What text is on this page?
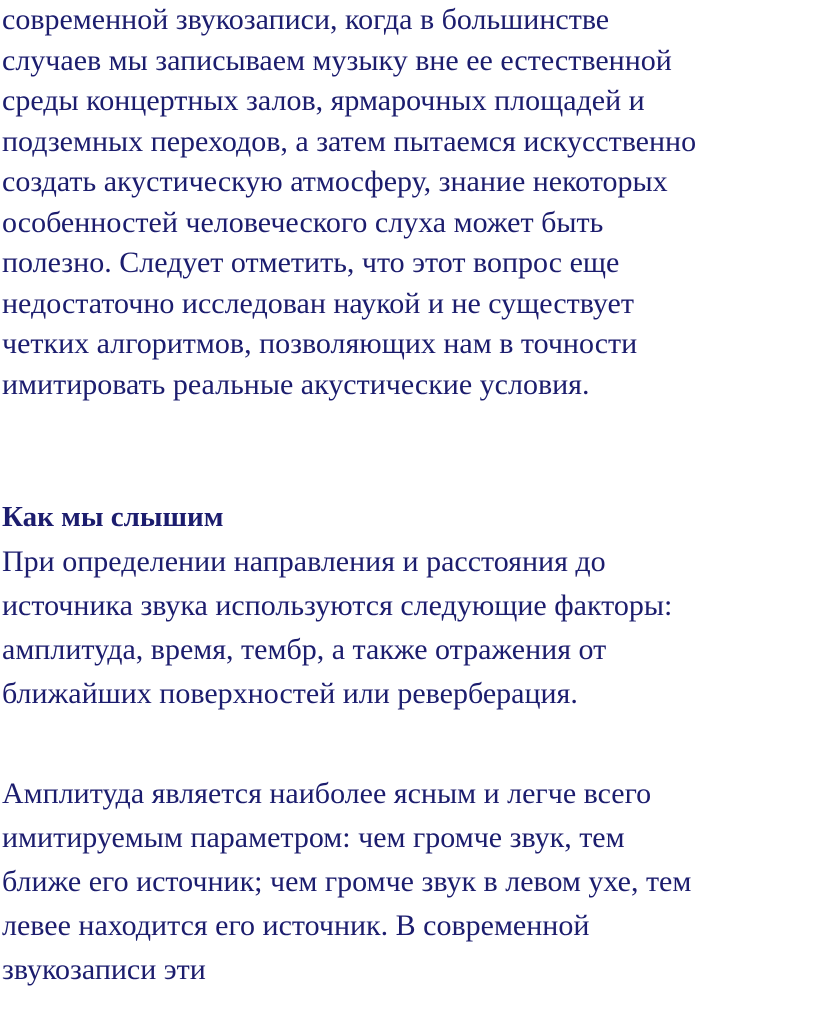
современной звукозаписи, когда в большинстве
случаев мы записываем музыку вне ее естественной
среды концертных залов, ярмарочных площадей и
подземных переходов, а затем пытаемся искусственно
создать акустическую атмосферу, знание некоторых
особенностей человеческого слуха может быть
полезно. Следует отметить, что этот вопрос еще
недостаточно исследован наукой и не существует
четких алгоритмов, позволяющих нам в точности
имитировать реальные акустические условия.
Как мы слышим
При определении направления и расстояния до
источника звука используются следующие факторы:
амплитуда, время, тембр, а также отражения от
ближайших поверхностей или реверберация.
Амплитуда является наиболее ясным и легче всего
имитируемым параметром: чем громче звук, тем
ближе его источник; чем громче звук в левом ухе, тем
левее находится его источник. В современной
звукозаписи эти
